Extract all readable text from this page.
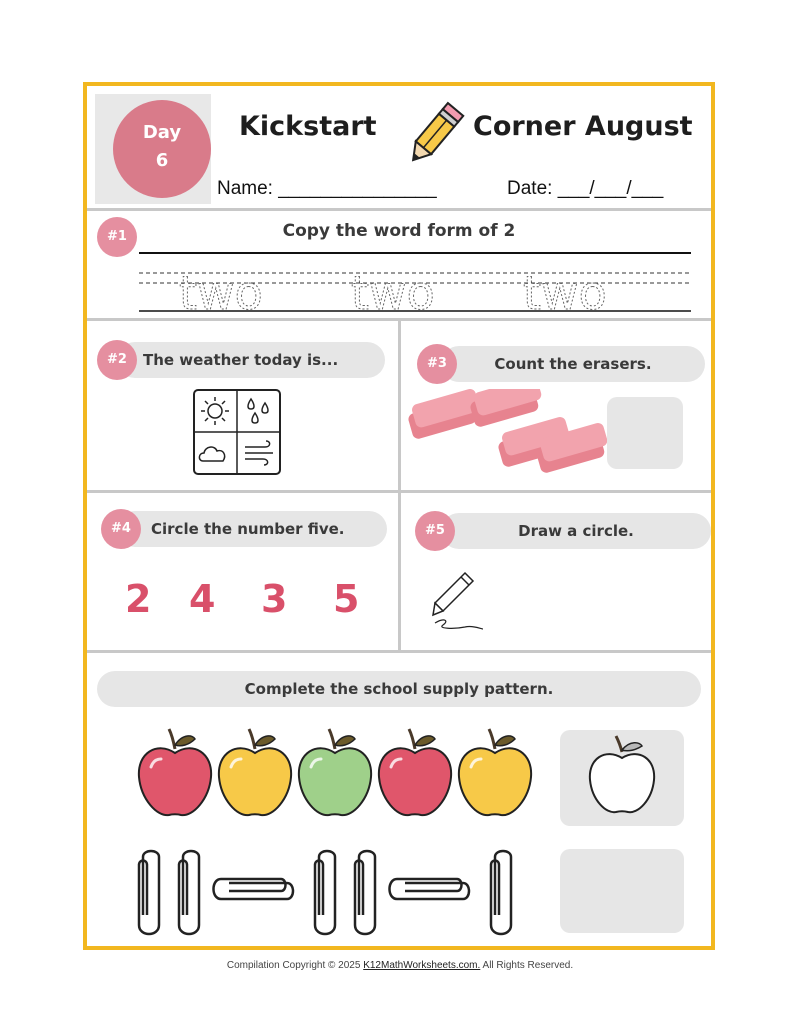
Day
6
Kickstart	Corner August
Name: _______________	Date: ___/___/___
#1	Copy the word form of 2
two two two
The weather today is...
#2	Count the erasers.
#3
Circle the number five.
#4
2 4 3 5
Draw a circle.
#5
Complete the school supply pattern.
Compilation Copyright © 2025 K12MathWorksheets.com. All Rights Reserved.
